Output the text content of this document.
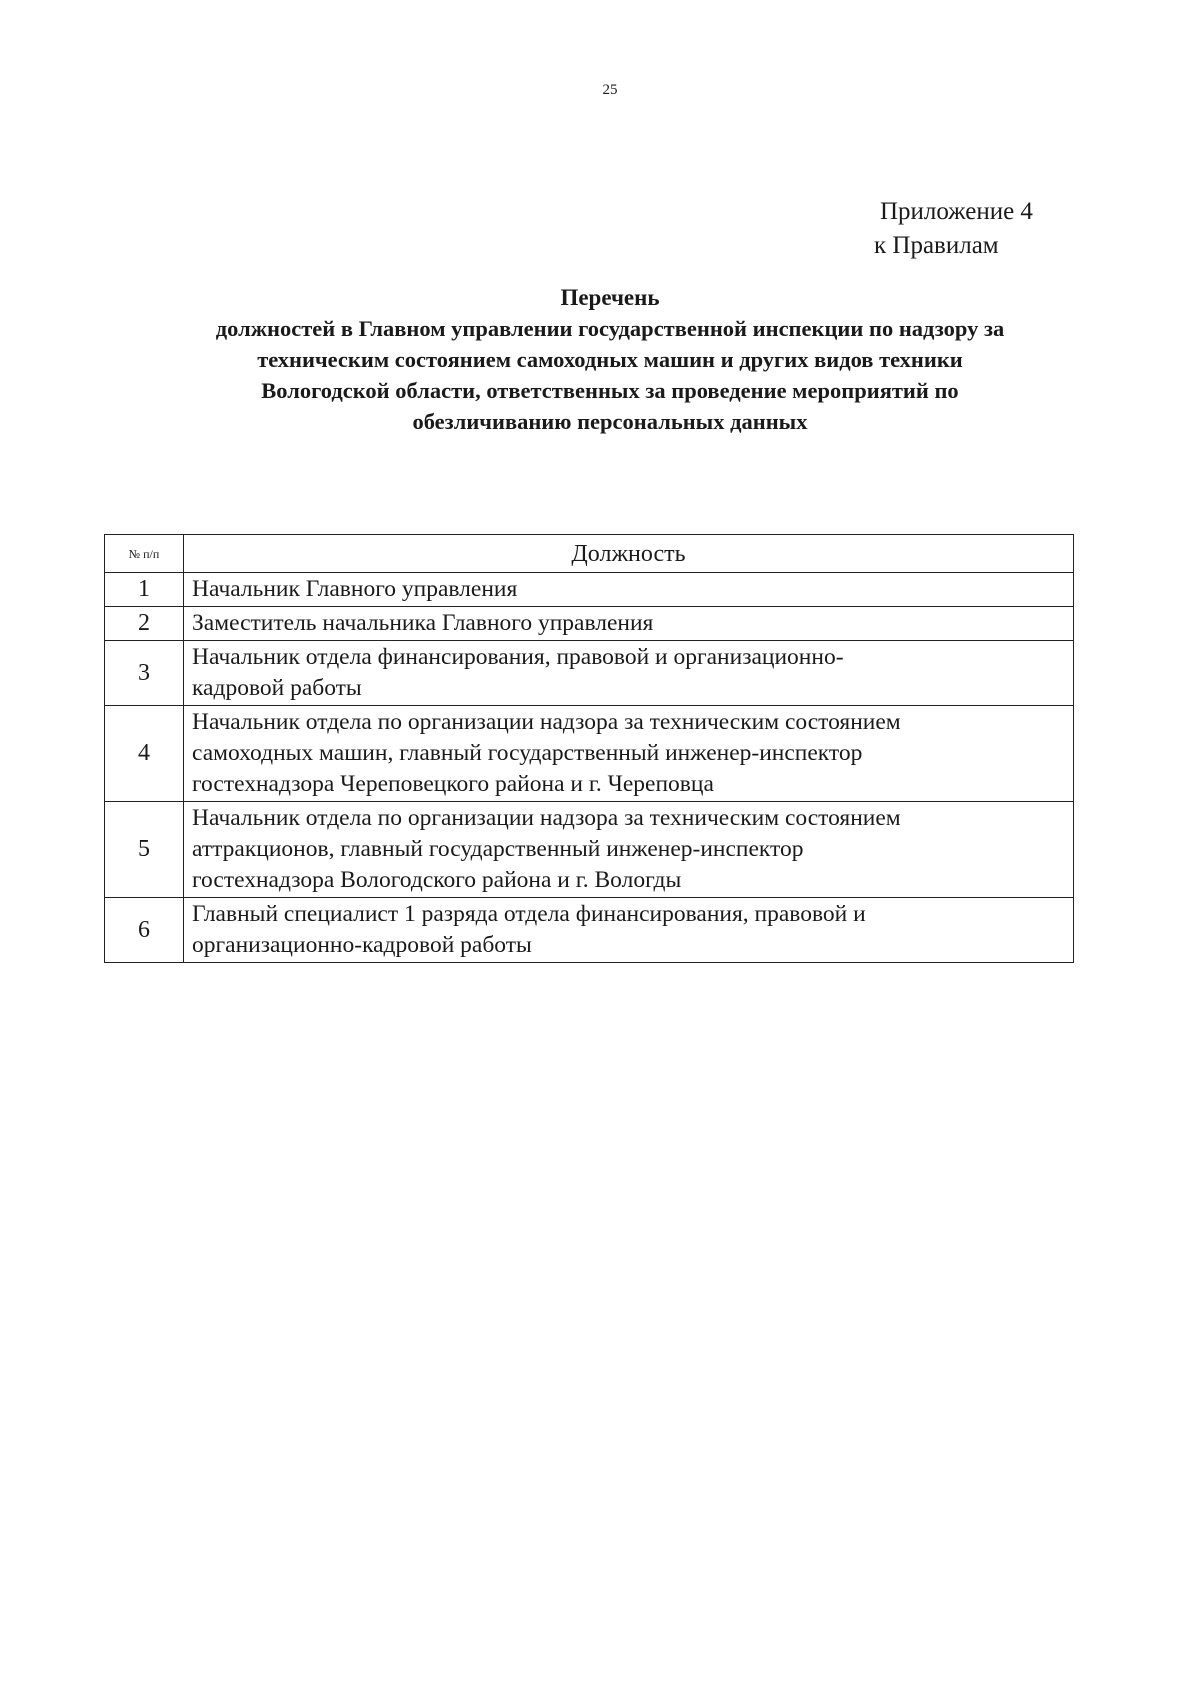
25
Приложение 4
к Правилам
Перечень
должностей в Главном управлении государственной инспекции по надзору за
техническим состоянием самоходных машин и других видов техники
Вологодской области, ответственных за проведение мероприятий по
обезличиванию персональных данных
№ п/п	Должность
1	Начальник Главного управления

2	Заместитель начальника Главного управления

3	Начальник отдела финансирования, правовой и организационно-
кадровой работы

4	Начальник отдела по организации надзора за техническим состоянием
самоходных машин, главный государственный инженер-инспектор
гостехнадзора Череповецкого района и г. Череповца

5	Начальник отдела по организации надзора за техническим состоянием
аттракционов, главный государственный инженер-инспектор
гостехнадзора Вологодского района и г. Вологды

6	Главный специалист 1 разряда отдела финансирования, правовой и
организационно-кадровой работы
